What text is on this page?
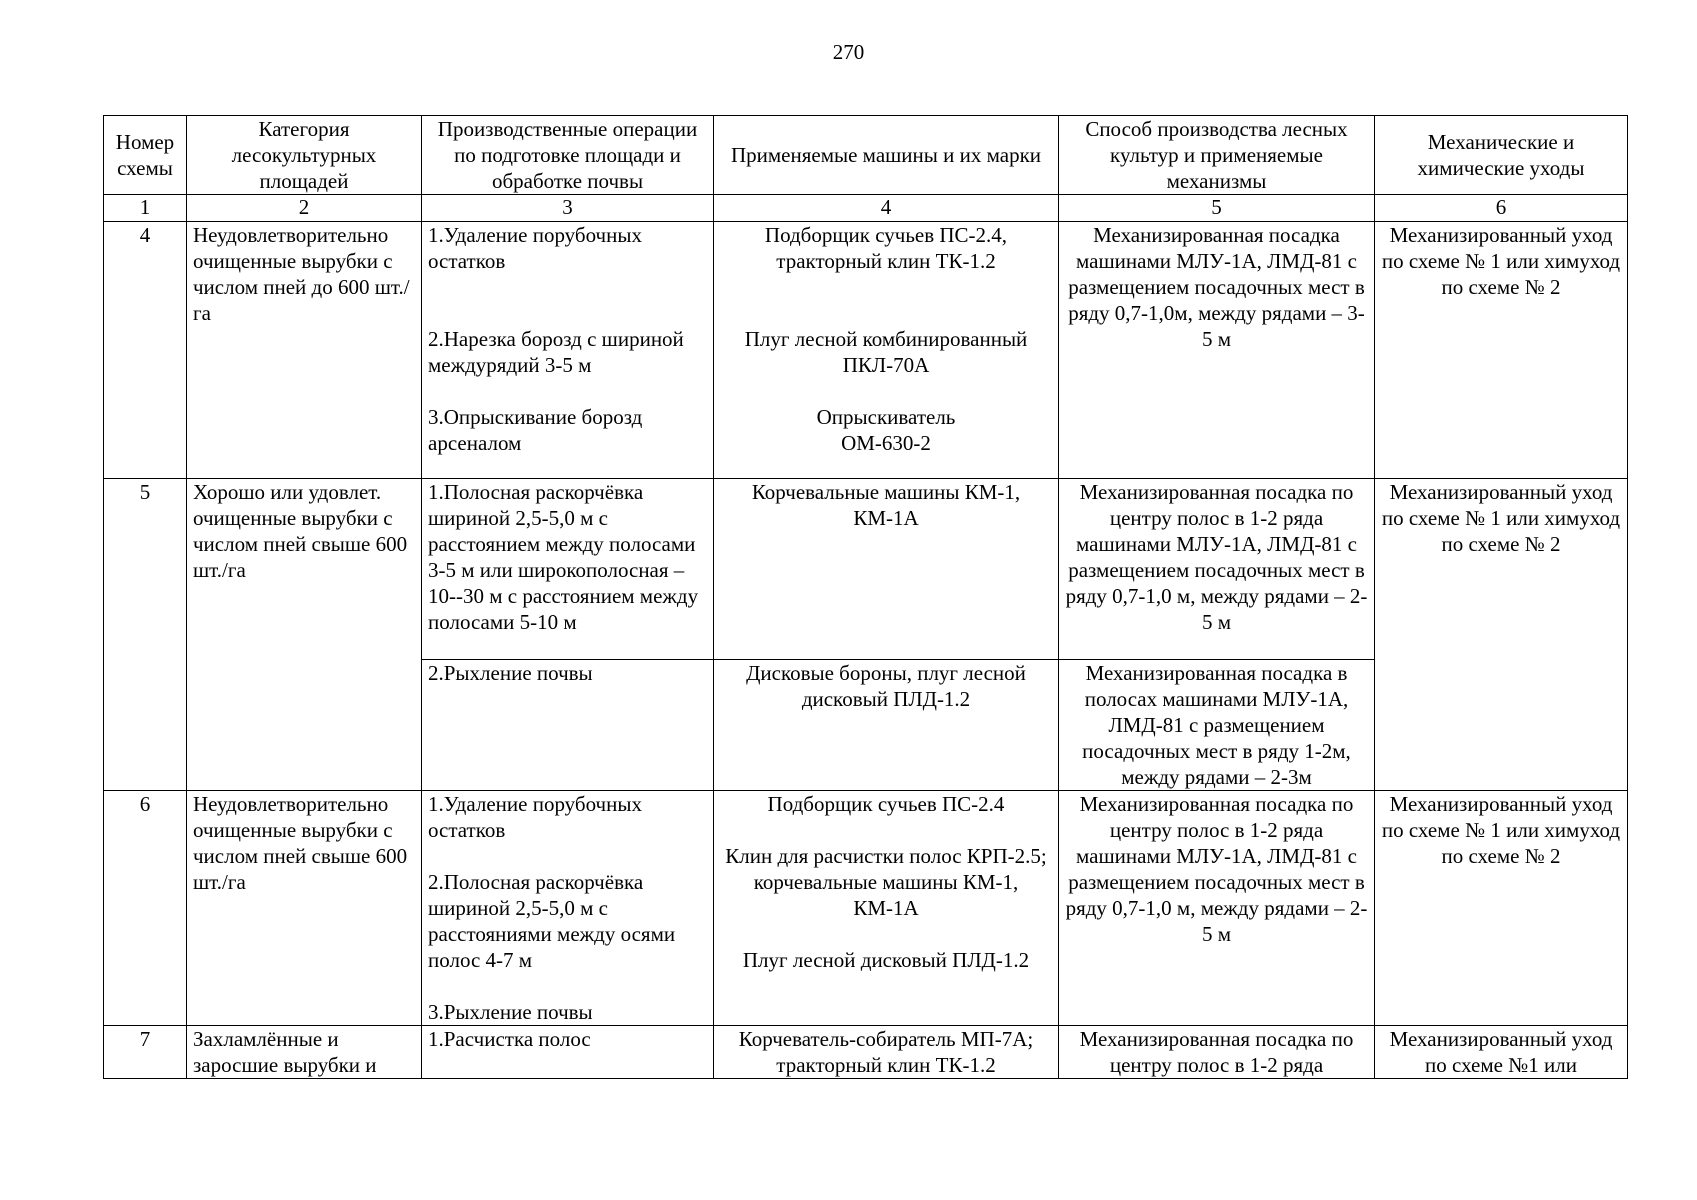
270
Номер схемы	Категория лесокультурных площадей	Производственные операции по подготовке площади и обработке почвы	Применяемые машины и их марки	Способ производства лесных культур и применяемые механизмы	Механические и химические уходы
1	2	3	4	5	6
4	Неудовлетворительно очищенные вырубки с числом пней до 600 шт./га	1.Удаление порубочных остатков
2.Нарезка борозд с шириной междурядий 3-5 м
3.Опрыскивание борозд арсеналом	Подборщик сучьев ПС-2.4, тракторный клин ТК-1.2
Плуг лесной комбинированный ПКЛ-70А
Опрыскиватель
ОМ-630-2	Механизированная посадка машинами МЛУ-1А, ЛМД-81 с размещением посадочных мест в ряду 0,7-1,0м, между рядами – 3-5 м	Механизированный уход по схеме № 1 или химуход по схеме № 2
5	Хорошо или удовлет. очищенные вырубки с числом пней свыше 600 шт./га	1.Полосная раскорчёвка шириной 2,5-5,0 м с расстоянием между полосами 3-5 м или широкополосная – 10--30 м с расстоянием между полосами 5-10 м	Корчевальные машины КМ-1, КМ-1А	Механизированная посадка по центру полос в 1-2 ряда машинами МЛУ-1А, ЛМД-81 с размещением посадочных мест в ряду 0,7-1,0 м, между рядами – 2-5 м	Механизированный уход по схеме № 1 или химуход по схеме № 2
		2.Рыхление почвы	Дисковые бороны, плуг лесной дисковый ПЛД-1.2	Механизированная посадка в полосах машинами МЛУ-1А, ЛМД-81 с размещением посадочных мест в ряду 1-2м, между рядами – 2-3м	
6	Неудовлетворительно очищенные вырубки с числом пней свыше 600 шт./га	1.Удаление порубочных остатков
2.Полосная раскорчёвка шириной 2,5-5,0 м с расстояниями между осями полос 4-7 м
3.Рыхление почвы	Подборщик сучьев ПС-2.4
Клин для расчистки полос КРП-2.5; корчевальные машины КМ-1, КМ-1А
Плуг лесной дисковый ПЛД-1.2	Механизированная посадка по центру полос в 1-2 ряда машинами МЛУ-1А, ЛМД-81 с размещением посадочных мест в ряду 0,7-1,0 м, между рядами – 2-5 м	Механизированный уход по схеме № 1 или химуход по схеме № 2
7	Захламлённые и заросшие вырубки и	1.Расчистка полос	Корчеватель-собиратель МП-7А; тракторный клин ТК-1.2	Механизированная посадка по центру полос в 1-2 ряда	Механизированный уход по схеме №1 или
